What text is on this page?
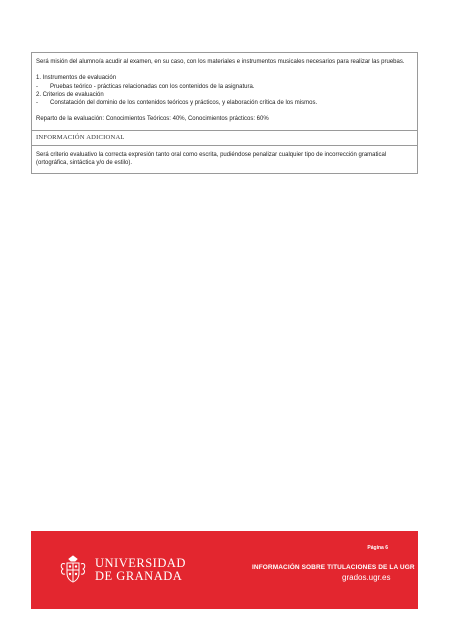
Será misión del alumno/a acudir al examen, en su caso, con los materiales e instrumentos musicales necesarios para realizar las pruebas.

1. Instrumentos de evaluación

-	Pruebas teórico - prácticas relacionadas con los contenidos de la asignatura.

2. Criterios de evaluación

-	Constatación del dominio de los contenidos teóricos y prácticos, y elaboración crítica de los mismos.

Reparto de la evaluación: Conocimientos Teóricos: 40%, Conocimientos prácticos: 60%

INFORMACIÓN ADICIONAL

Será criterio evaluativo la correcta expresión tanto oral como escrita, pudiéndose penalizar cualquier tipo de incorrección gramatical (ortográfica, sintáctica y/o de estilo).

Página 6
UNIVERSIDAD
DE GRANADA
INFORMACIÓN SOBRE TITULACIONES DE LA UGR
grados.ugr.es
